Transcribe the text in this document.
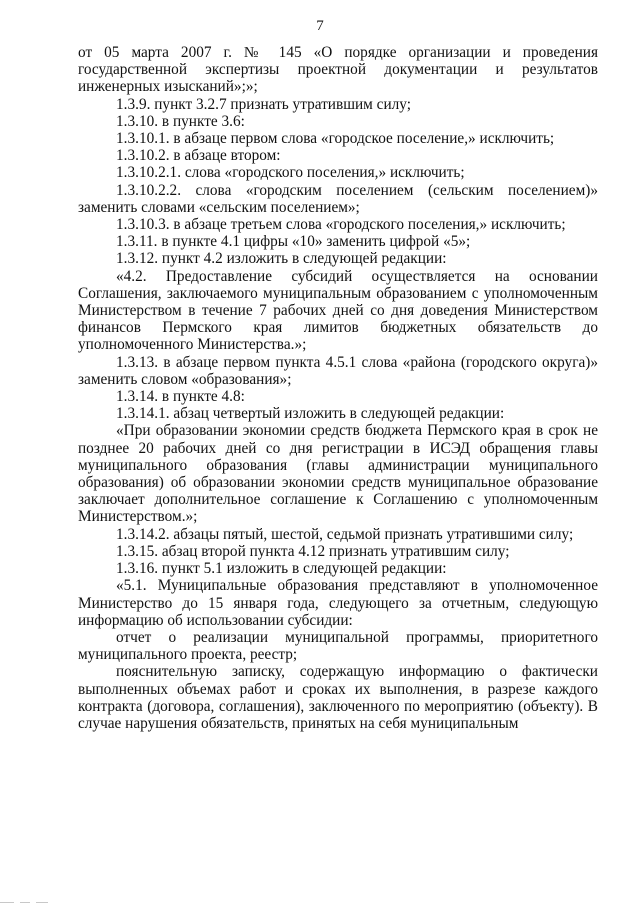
7

от 05 марта 2007 г. № 145 «О порядке организации и проведения государственной экспертизы проектной документации и результатов инженерных изысканий»;»;

1.3.9. пункт 3.2.7 признать утратившим силу;

1.3.10. в пункте 3.6:

1.3.10.1. в абзаце первом слова «городское поселение,» исключить;

1.3.10.2. в абзаце втором:

1.3.10.2.1. слова «городского поселения,» исключить;

1.3.10.2.2. слова «городским поселением (сельским поселением)» заменить словами «сельским поселением»;

1.3.10.3. в абзаце третьем слова «городского поселения,» исключить;

1.3.11. в пункте 4.1 цифры «10» заменить цифрой «5»;

1.3.12. пункт 4.2 изложить в следующей редакции:

«4.2. Предоставление субсидий осуществляется на основании Соглашения, заключаемого муниципальным образованием с уполномоченным Министерством в течение 7 рабочих дней со дня доведения Министерством финансов Пермского края лимитов бюджетных обязательств до уполномоченного Министерства.»;

1.3.13. в абзаце первом пункта 4.5.1 слова «района (городского округа)» заменить словом «образования»;

1.3.14. в пункте 4.8:

1.3.14.1. абзац четвертый изложить в следующей редакции:

«При образовании экономии средств бюджета Пермского края в срок не позднее 20 рабочих дней со дня регистрации в ИСЭД обращения главы муниципального образования (главы администрации муниципального образования) об образовании экономии средств муниципальное образование заключает дополнительное соглашение к Соглашению с уполномоченным Министерством.»;

1.3.14.2. абзацы пятый, шестой, седьмой признать утратившими силу;

1.3.15. абзац второй пункта 4.12 признать утратившим силу;

1.3.16. пункт 5.1 изложить в следующей редакции:

«5.1. Муниципальные образования представляют в уполномоченное Министерство до 15 января года, следующего за отчетным, следующую информацию об использовании субсидии:

отчет о реализации муниципальной программы, приоритетного муниципального проекта, реестр;

пояснительную записку, содержащую информацию о фактически выполненных объемах работ и сроках их выполнения, в разрезе каждого контракта (договора, соглашения), заключенного по мероприятию (объекту). В случае нарушения обязательств, принятых на себя муниципальным
